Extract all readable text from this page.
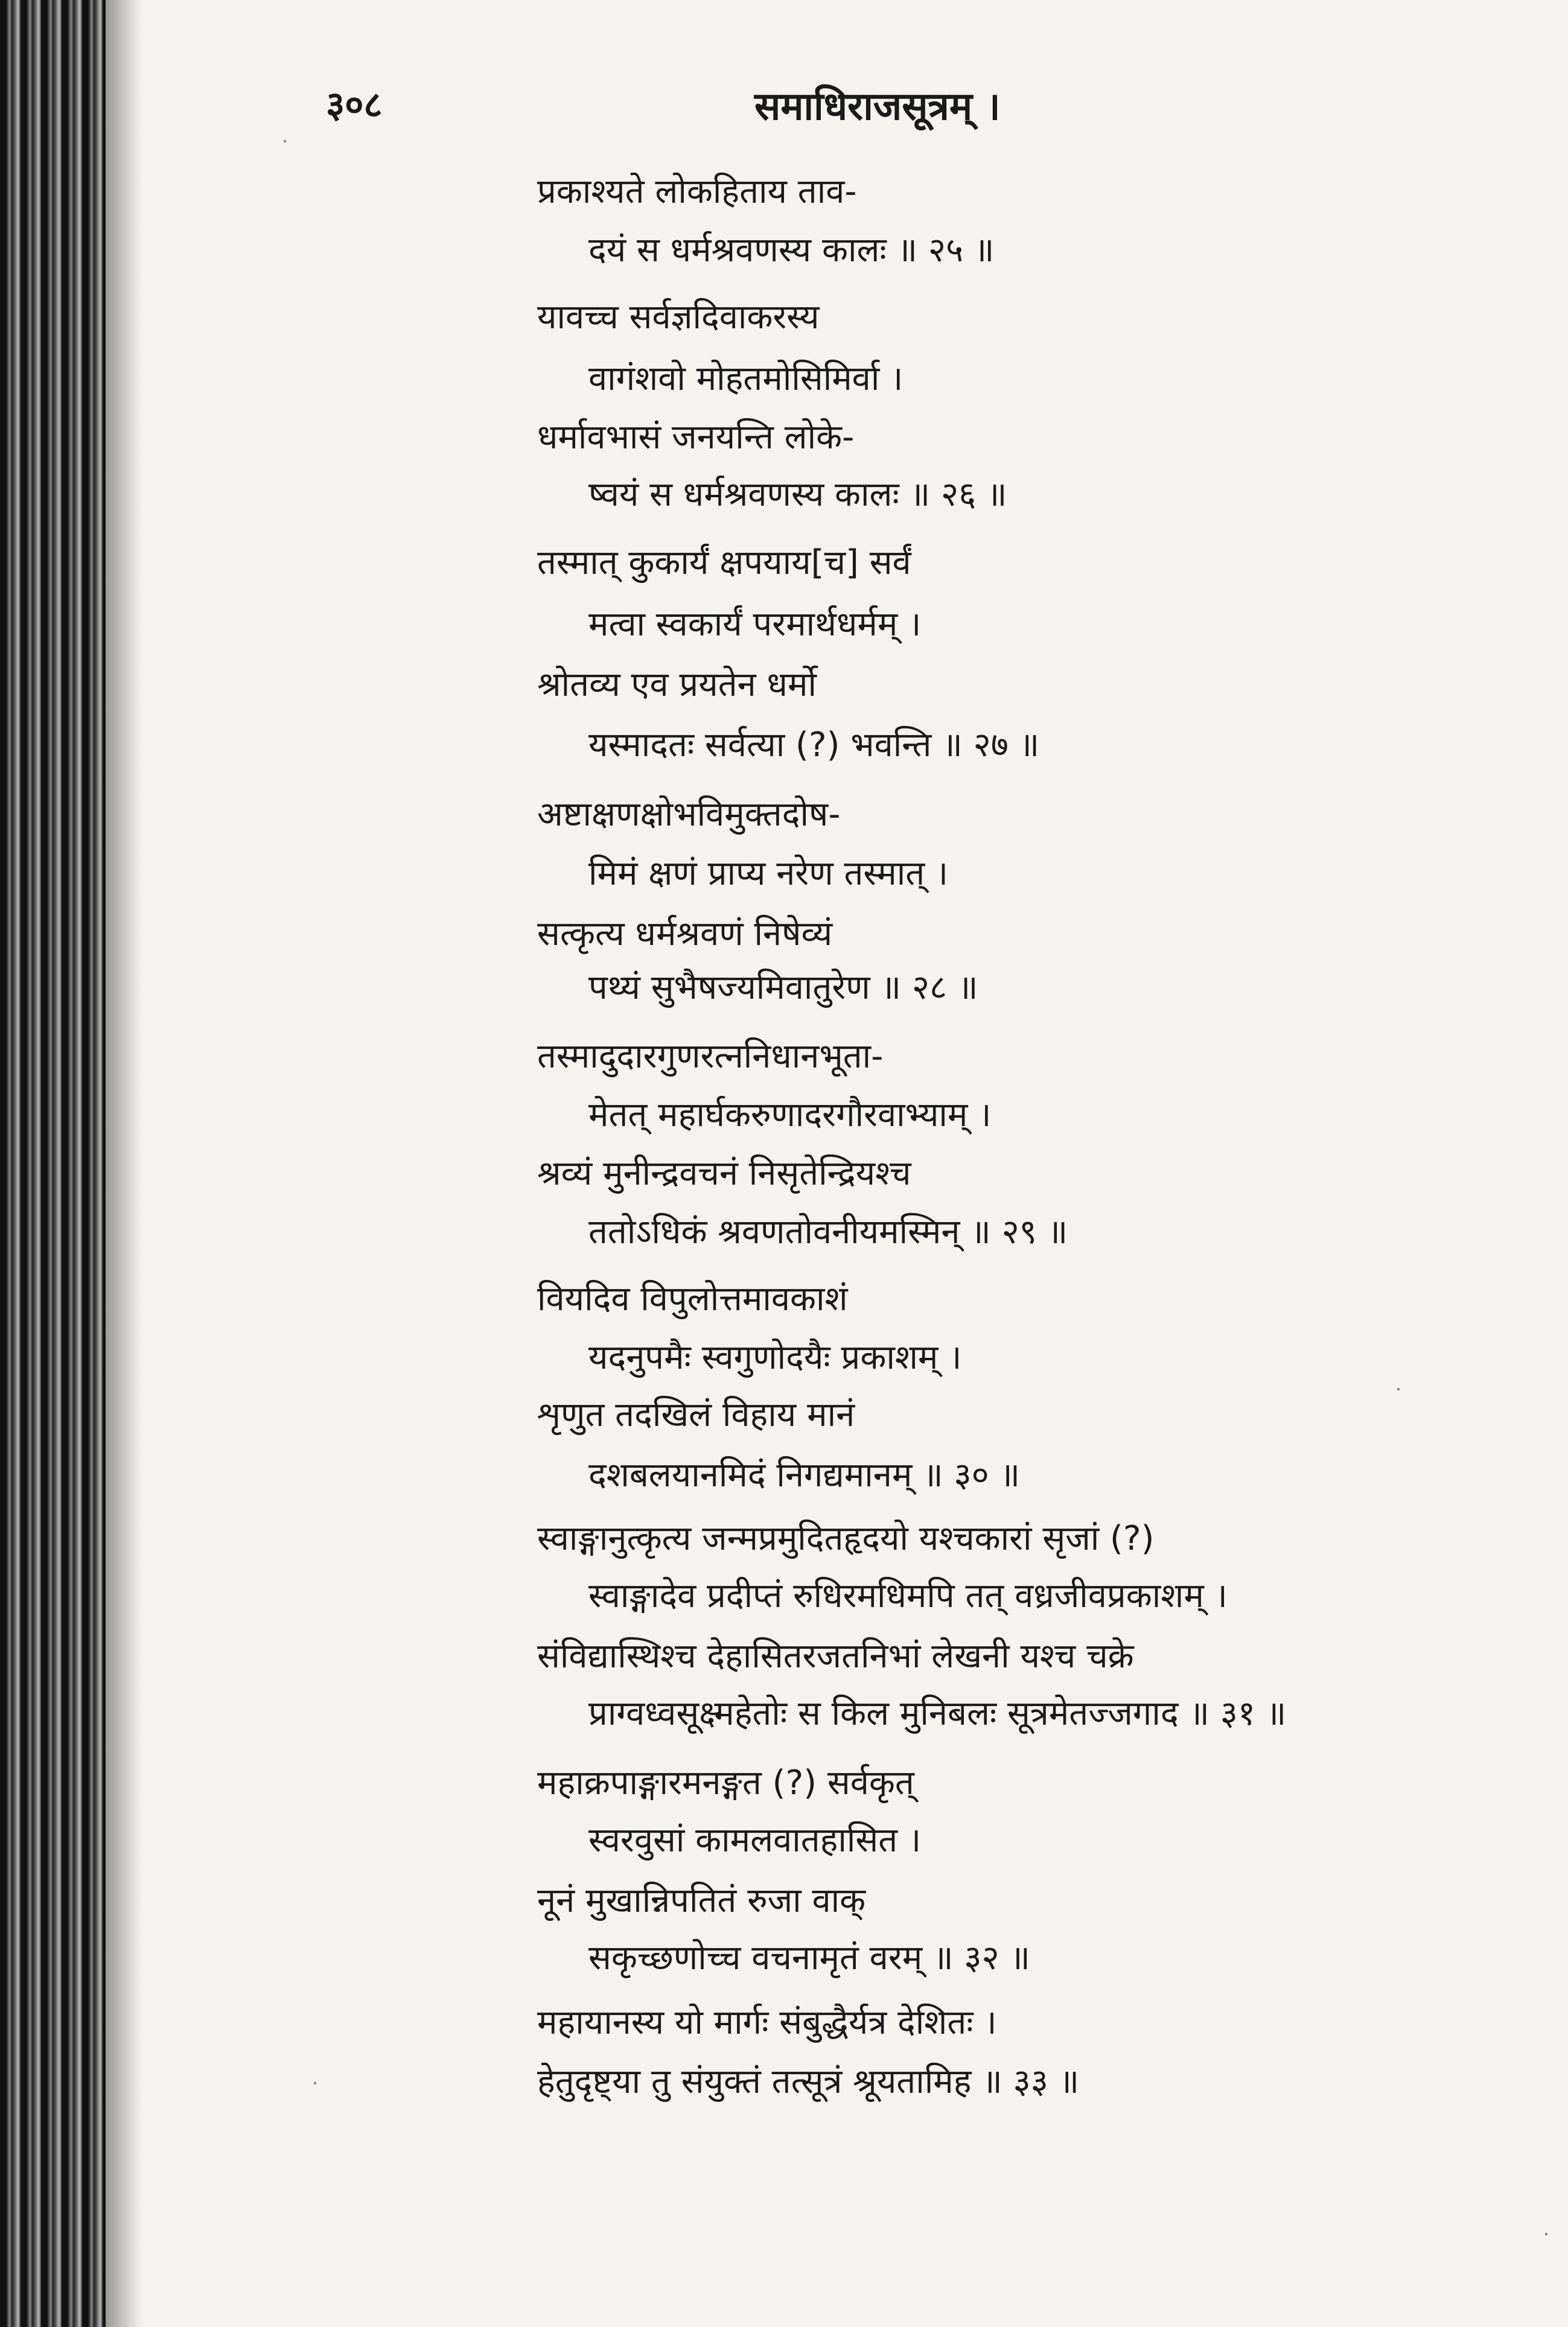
३०८	समाधिराजसूत्रम् ।
प्रकाश्यते लोकहिताय ताव-
दयं स धर्मश्रवणस्य कालः ॥ २५ ॥
यावच्च सर्वज्ञदिवाकरस्य
वागंशवो मोहतमोसिमिर्वा ।
धर्मावभासं जनयन्ति लोके-
ष्वयं स धर्मश्रवणस्य कालः ॥ २६ ॥
तस्मात् कुकार्यं क्षपयाय[च] सर्वं
मत्वा स्वकार्यं परमार्थधर्मम् ।
श्रोतव्य एव प्रयतेन धर्मो
यस्मादतः सर्वत्या (?) भवन्ति ॥ २७ ॥
अष्टाक्षणक्षोभविमुक्तदोष-
मिमं क्षणं प्राप्य नरेण तस्मात् ।
सत्कृत्य धर्मश्रवणं निषेव्यं
पथ्यं सुभैषज्यमिवातुरेण ॥ २८ ॥
तस्मादुदारगुणरत्ननिधानभूता-
मेतत् महार्घकरुणादरगौरवाभ्याम् ।
श्रव्यं मुनीन्द्रवचनं निसृतेन्द्रियश्च
ततोऽधिकं श्रवणतोवनीयमस्मिन् ॥ २९ ॥
वियदिव विपुलोत्तमावकाशं
यदनुपमैः स्वगुणोदयैः प्रकाशम् ।
शृणुत तदखिलं विहाय मानं
दशबलयानमिदं निगद्यमानम् ॥ ३० ॥
स्वाङ्गानुत्कृत्य जन्मप्रमुदितहृदयो यश्चकारां सृजां (?)
स्वाङ्गादेव प्रदीप्तं रुधिरमधिमपि तत् वध्रजीवप्रकाशम् ।
संविद्यास्थिश्च देहासितरजतनिभां लेखनी यश्च चक्रे
प्राग्वध्वसूक्ष्महेतोः स किल मुनिबलः सूत्रमेतज्जगाद ॥ ३१ ॥
महाक्रपाङ्गारमनङ्गत (?) सर्वकृत्
स्वरवुसां कामलवातहासित ।
नूनं मुखान्निपतितं रुजा वाक्
सकृच्छणोच्च वचनामृतं वरम् ॥ ३२ ॥
महायानस्य यो मार्गः संबुद्धैर्यत्र देशितः ।
हेतुदृष्ट्या तु संयुक्तं तत्सूत्रं श्रूयतामिह ॥ ३३ ॥
